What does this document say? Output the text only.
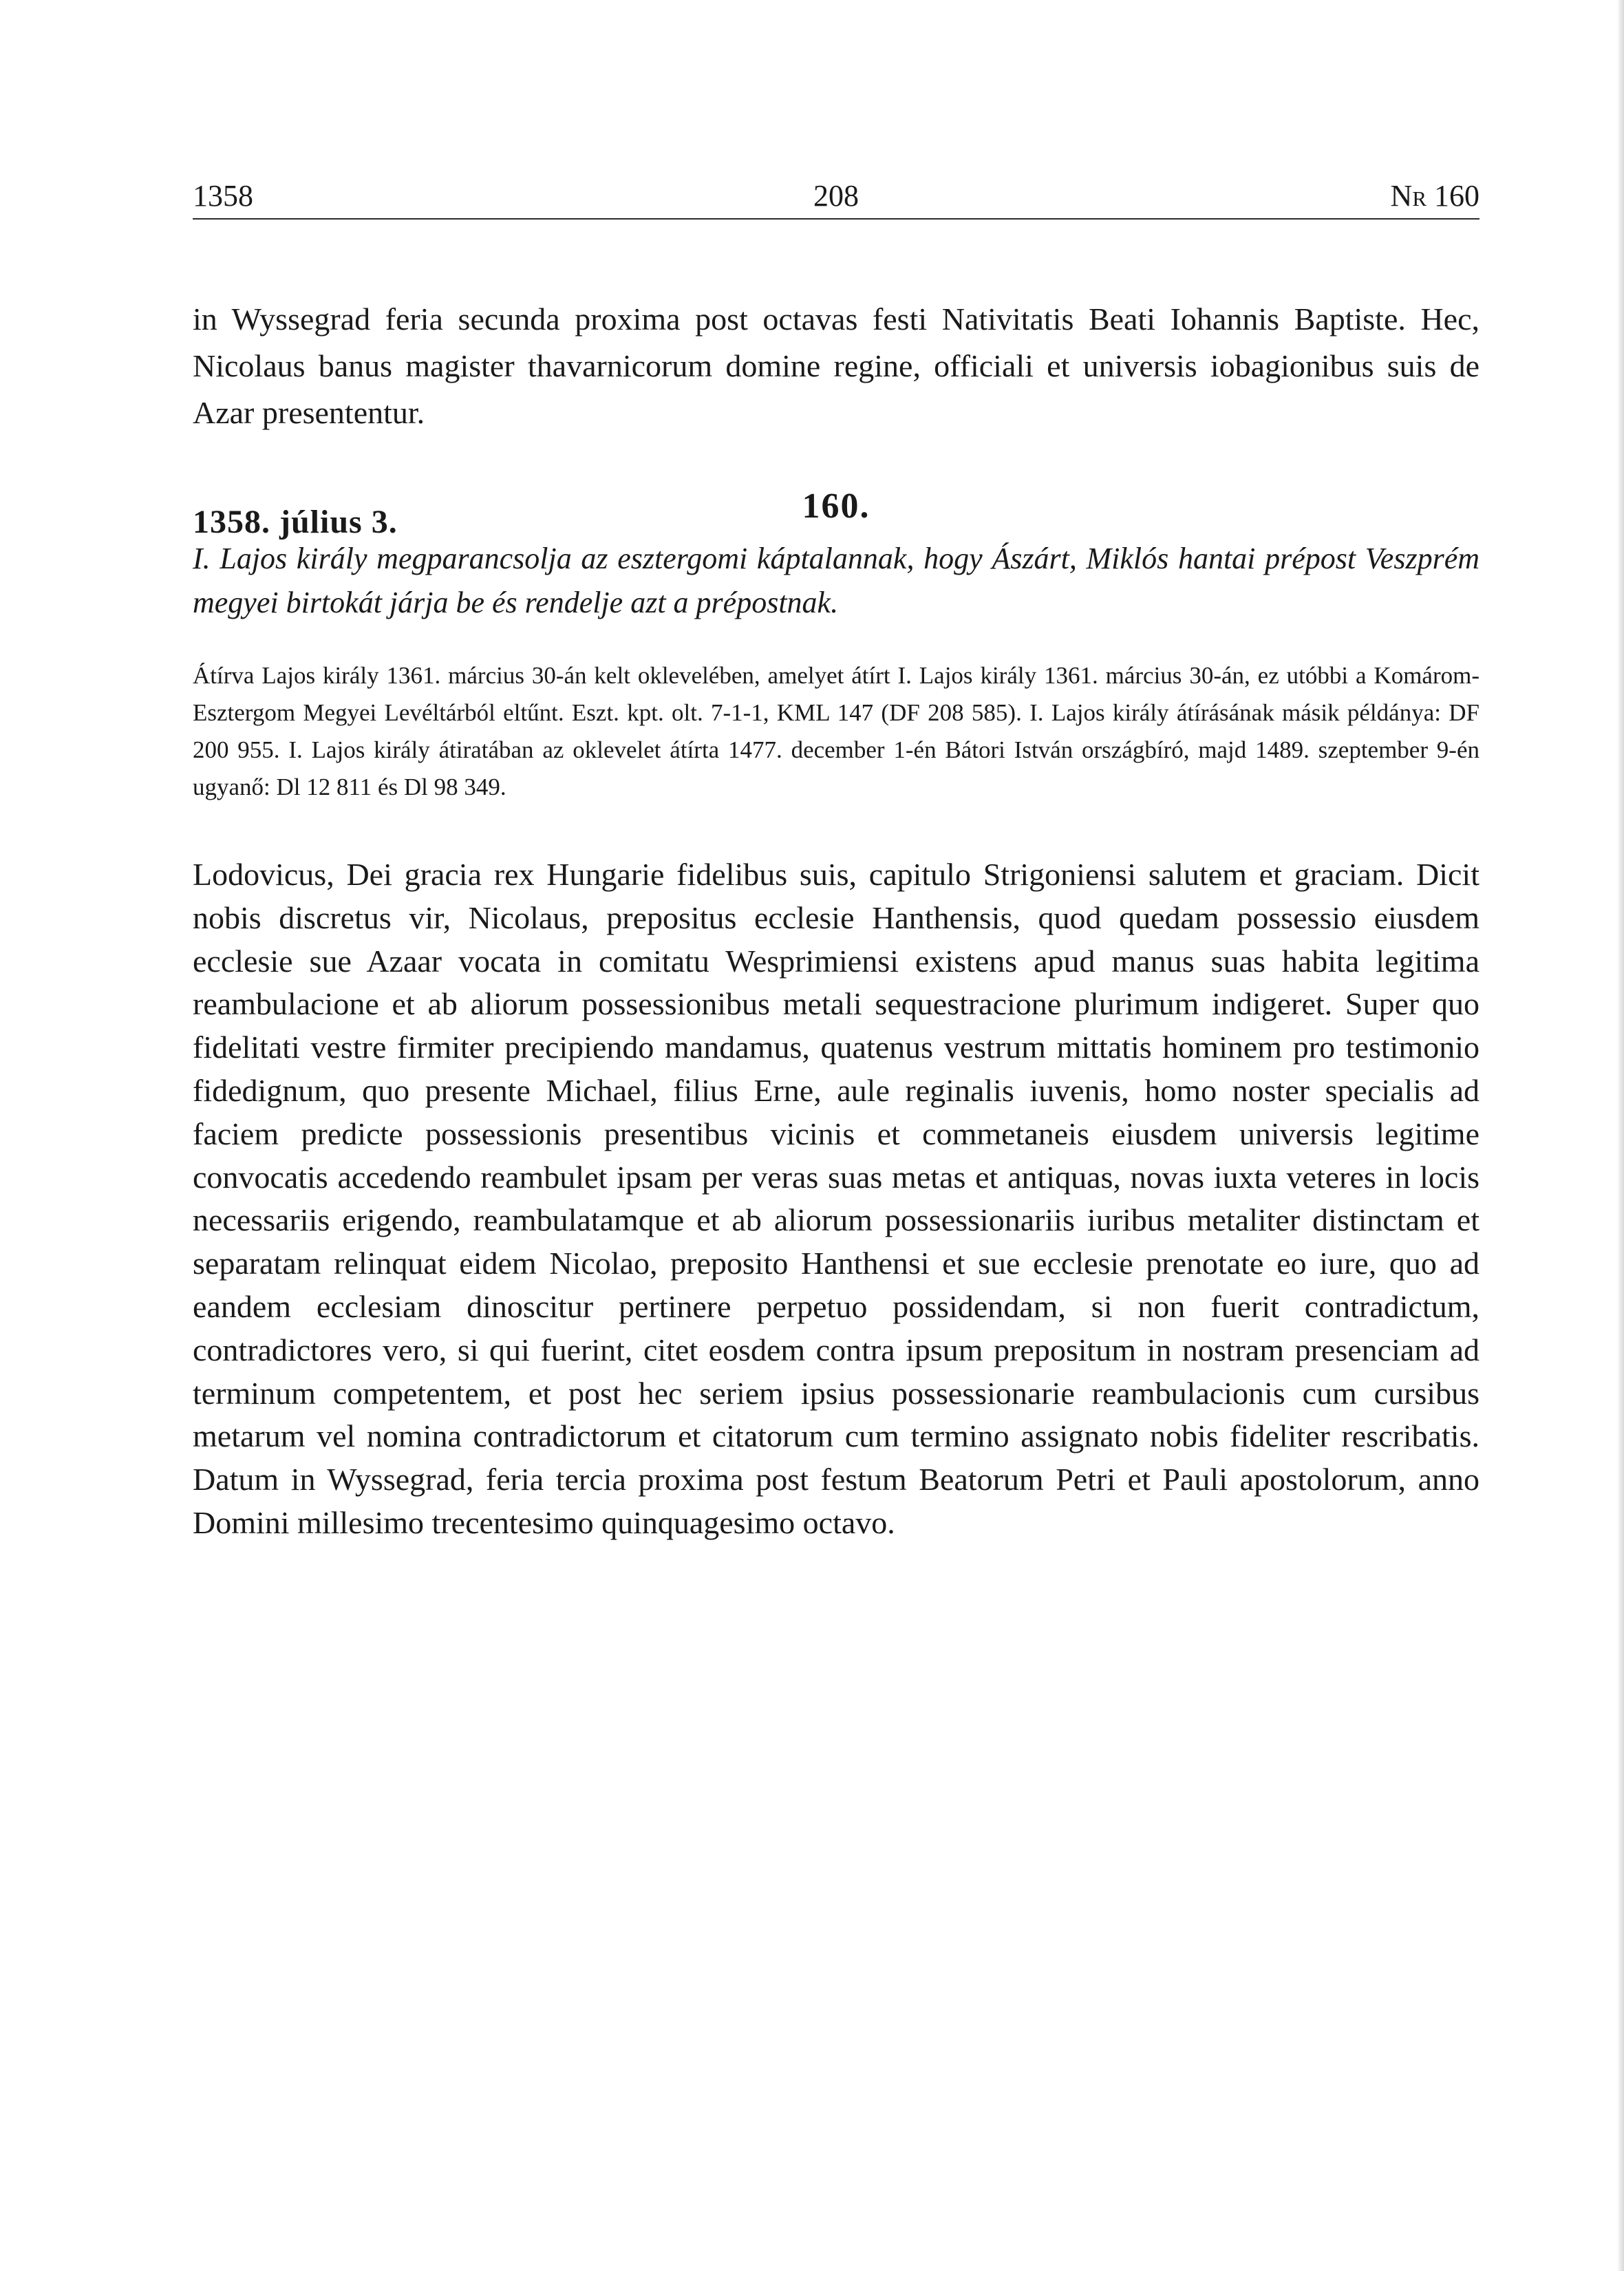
1358	208	Nr 160

in Wyssegrad feria secunda proxima post octavas festi Nativitatis Beati Iohannis Baptiste. Hec, Nicolaus banus magister thavarnicorum domine regine, officiali et universis iobagionibus suis de Azar presententur.

160.
1358. július 3.

I. Lajos király megparancsolja az esztergomi káptalannak, hogy Ászárt, Miklós hantai prépost Veszprém megyei birtokát járja be és rendelje azt a prépostnak.

Átírva Lajos király 1361. március 30-án kelt oklevelében, amelyet átírt I. Lajos király 1361. március 30-án, ez utóbbi a Komárom-Esztergom Megyei Levéltárból eltűnt. Eszt. kpt. olt. 7-1-1, KML 147 (DF 208 585). I. Lajos király átírásának másik példánya: DF 200 955. I. Lajos király átiratában az oklevelet átírta 1477. december 1-én Bátori István országbíró, majd 1489. szeptember 9-én ugyanő: Dl 12 811 és Dl 98 349.

Lodovicus, Dei gracia rex Hungarie fidelibus suis, capitulo Strigoniensi salutem et graciam. Dicit nobis discretus vir, Nicolaus, prepositus ecclesie Hanthensis, quod quedam possessio eiusdem ecclesie sue Azaar vocata in comitatu Wesprimiensi existens apud manus suas habita legitima reambulacione et ab aliorum possessionibus metali sequestracione plurimum indigeret. Super quo fidelitati vestre firmiter precipiendo mandamus, quatenus vestrum mittatis hominem pro testimonio fidedignum, quo presente Michael, filius Erne, aule reginalis iuvenis, homo noster specialis ad faciem predicte possessionis presentibus vicinis et commetaneis eiusdem universis legitime convocatis accedendo reambulet ipsam per veras suas metas et antiquas, novas iuxta veteres in locis necessariis erigendo, reambulatamque et ab aliorum possessionariis iuribus metaliter distinctam et separatam relinquat eidem Nicolao, preposito Hanthensi et sue ecclesie prenotate eo iure, quo ad eandem ecclesiam dinoscitur pertinere perpetuo possidendam, si non fuerit contradictum, contradictores vero, si qui fuerint, citet eosdem contra ipsum prepositum in nostram presenciam ad terminum competentem, et post hec seriem ipsius possessionarie reambulacionis cum cursibus metarum vel nomina contradictorum et citatorum cum termino assignato nobis fideliter rescribatis. Datum in Wyssegrad, feria tercia proxima post festum Beatorum Petri et Pauli apostolorum, anno Domini millesimo trecentesimo quinquagesimo octavo.
